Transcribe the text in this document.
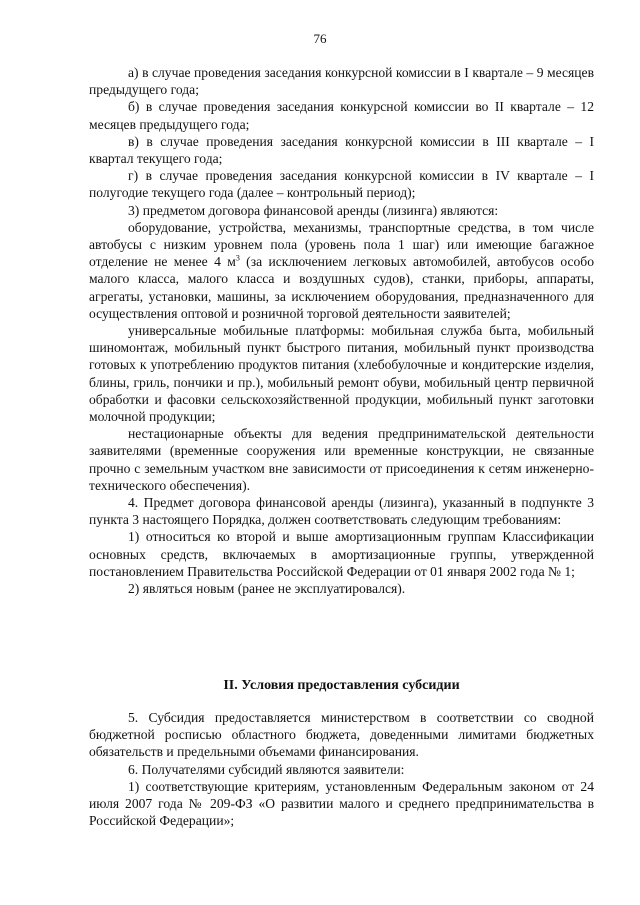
76

а) в случае проведения заседания конкурсной комиссии в I квартале – 9 месяцев предыдущего года;

б) в случае проведения заседания конкурсной комиссии во II квартале – 12 месяцев предыдущего года;

в) в случае проведения заседания конкурсной комиссии в III квартале – I квартал текущего года;

г) в случае проведения заседания конкурсной комиссии в IV квартале – I полугодие текущего года (далее – контрольный период);

3) предметом договора финансовой аренды (лизинга) являются:

оборудование, устройства, механизмы, транспортные средства, в том числе автобусы с низким уровнем пола (уровень пола 1 шаг) или имеющие багажное отделение не менее 4 $м^3$ (за исключением легковых автомобилей, автобусов особо малого класса, малого класса и воздушных судов), станки, приборы, аппараты, агрегаты, установки, машины, за исключением оборудования, предназначенного для осуществления оптовой и розничной торговой деятельности заявителей;

универсальные мобильные платформы: мобильная служба быта, мобильный шиномонтаж, мобильный пункт быстрого питания, мобильный пункт производства готовых к употреблению продуктов питания (хлебобулочные и кондитерские изделия, блины, гриль, пончики и пр.), мобильный ремонт обуви, мобильный центр первичной обработки и фасовки сельскохозяйственной продукции, мобильный пункт заготовки молочной продукции;

нестационарные объекты для ведения предпринимательской деятельности заявителями (временные сооружения или временные конструкции, не связанные прочно с земельным участком вне зависимости от присоединения к сетям инженерно-технического обеспечения).

4. Предмет договора финансовой аренды (лизинга), указанный в подпункте 3 пункта 3 настоящего Порядка, должен соответствовать следующим требованиям:

1) относиться ко второй и выше амортизационным группам Классификации основных средств, включаемых в амортизационные группы, утвержденной постановлением Правительства Российской Федерации от 01 января 2002 года № 1;

2) являться новым (ранее не эксплуатировался).

II. Условия предоставления субсидии

5. Субсидия предоставляется министерством в соответствии со сводной бюджетной росписью областного бюджета, доведенными лимитами бюджетных обязательств и предельными объемами финансирования.

6. Получателями субсидий являются заявители:

1) соответствующие критериям, установленным Федеральным законом от 24 июля 2007 года № 209-ФЗ «О развитии малого и среднего предпринимательства в Российской Федерации»;
